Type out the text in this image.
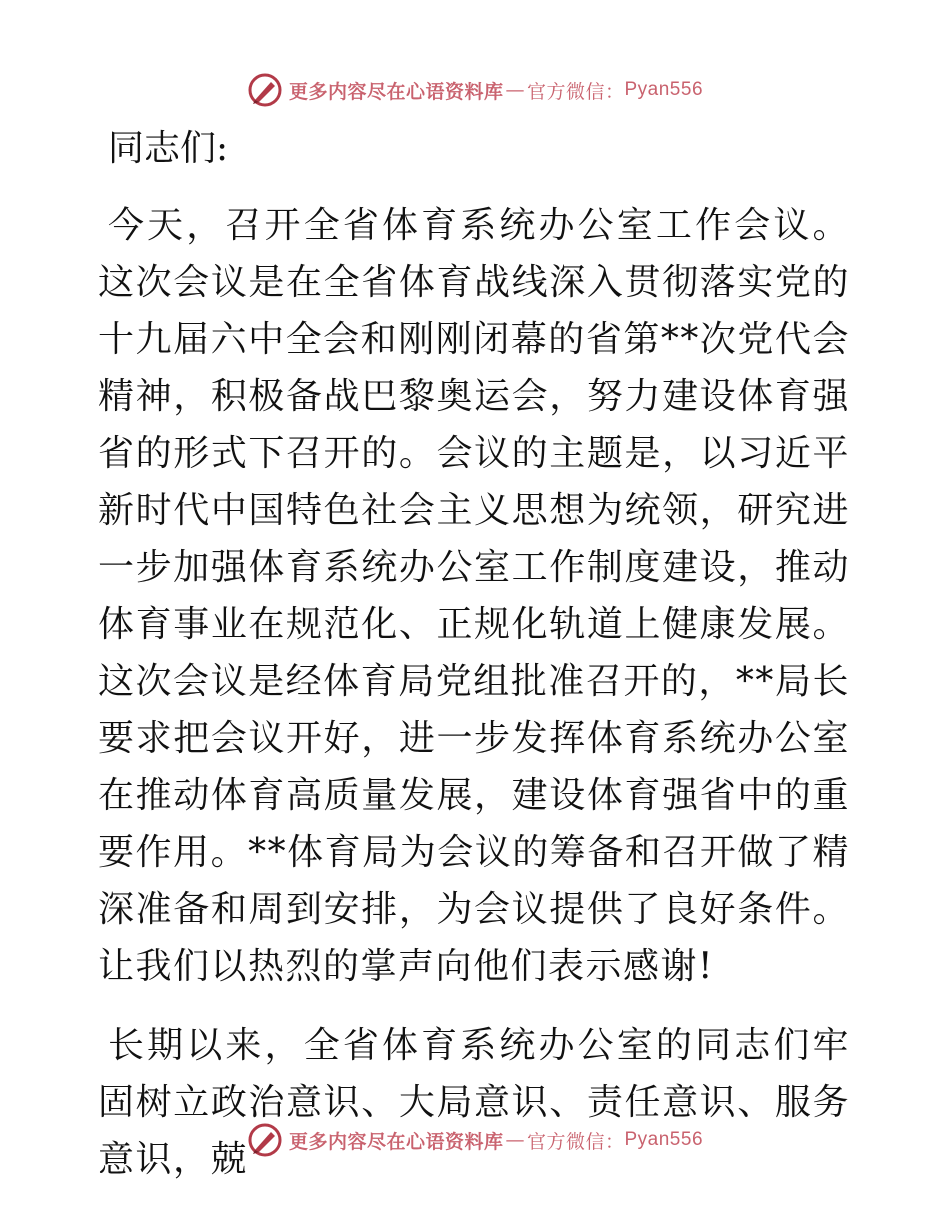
更多内容尽在心语资料库 — 官方微信： Pyan556
同志们:
今天，召开全省体育系统办公室工作会议。这次会议是在全省体育战线深入贯彻落实党的十九届六中全会和刚刚闭幕的省第**次党代会精神，积极备战巴黎奥运会，努力建设体育强省的形式下召开的。会议的主题是，以习近平新时代中国特色社会主义思想为统领，研究进一步加强体育系统办公室工作制度建设，推动体育事业在规范化、正规化轨道上健康发展。这次会议是经体育局党组批准召开的，**局长要求把会议开好，进一步发挥体育系统办公室在推动体育高质量发展，建设体育强省中的重要作用。**体育局为会议的筹备和召开做了精深准备和周到安排，为会议提供了良好条件。让我们以热烈的掌声向他们表示感谢!
长期以来，全省体育系统办公室的同志们牢固树立政治意识、大局意识、责任意识、服务意识，兢	更多内容尽在心语资料库 — 官方微信： Pyan556
